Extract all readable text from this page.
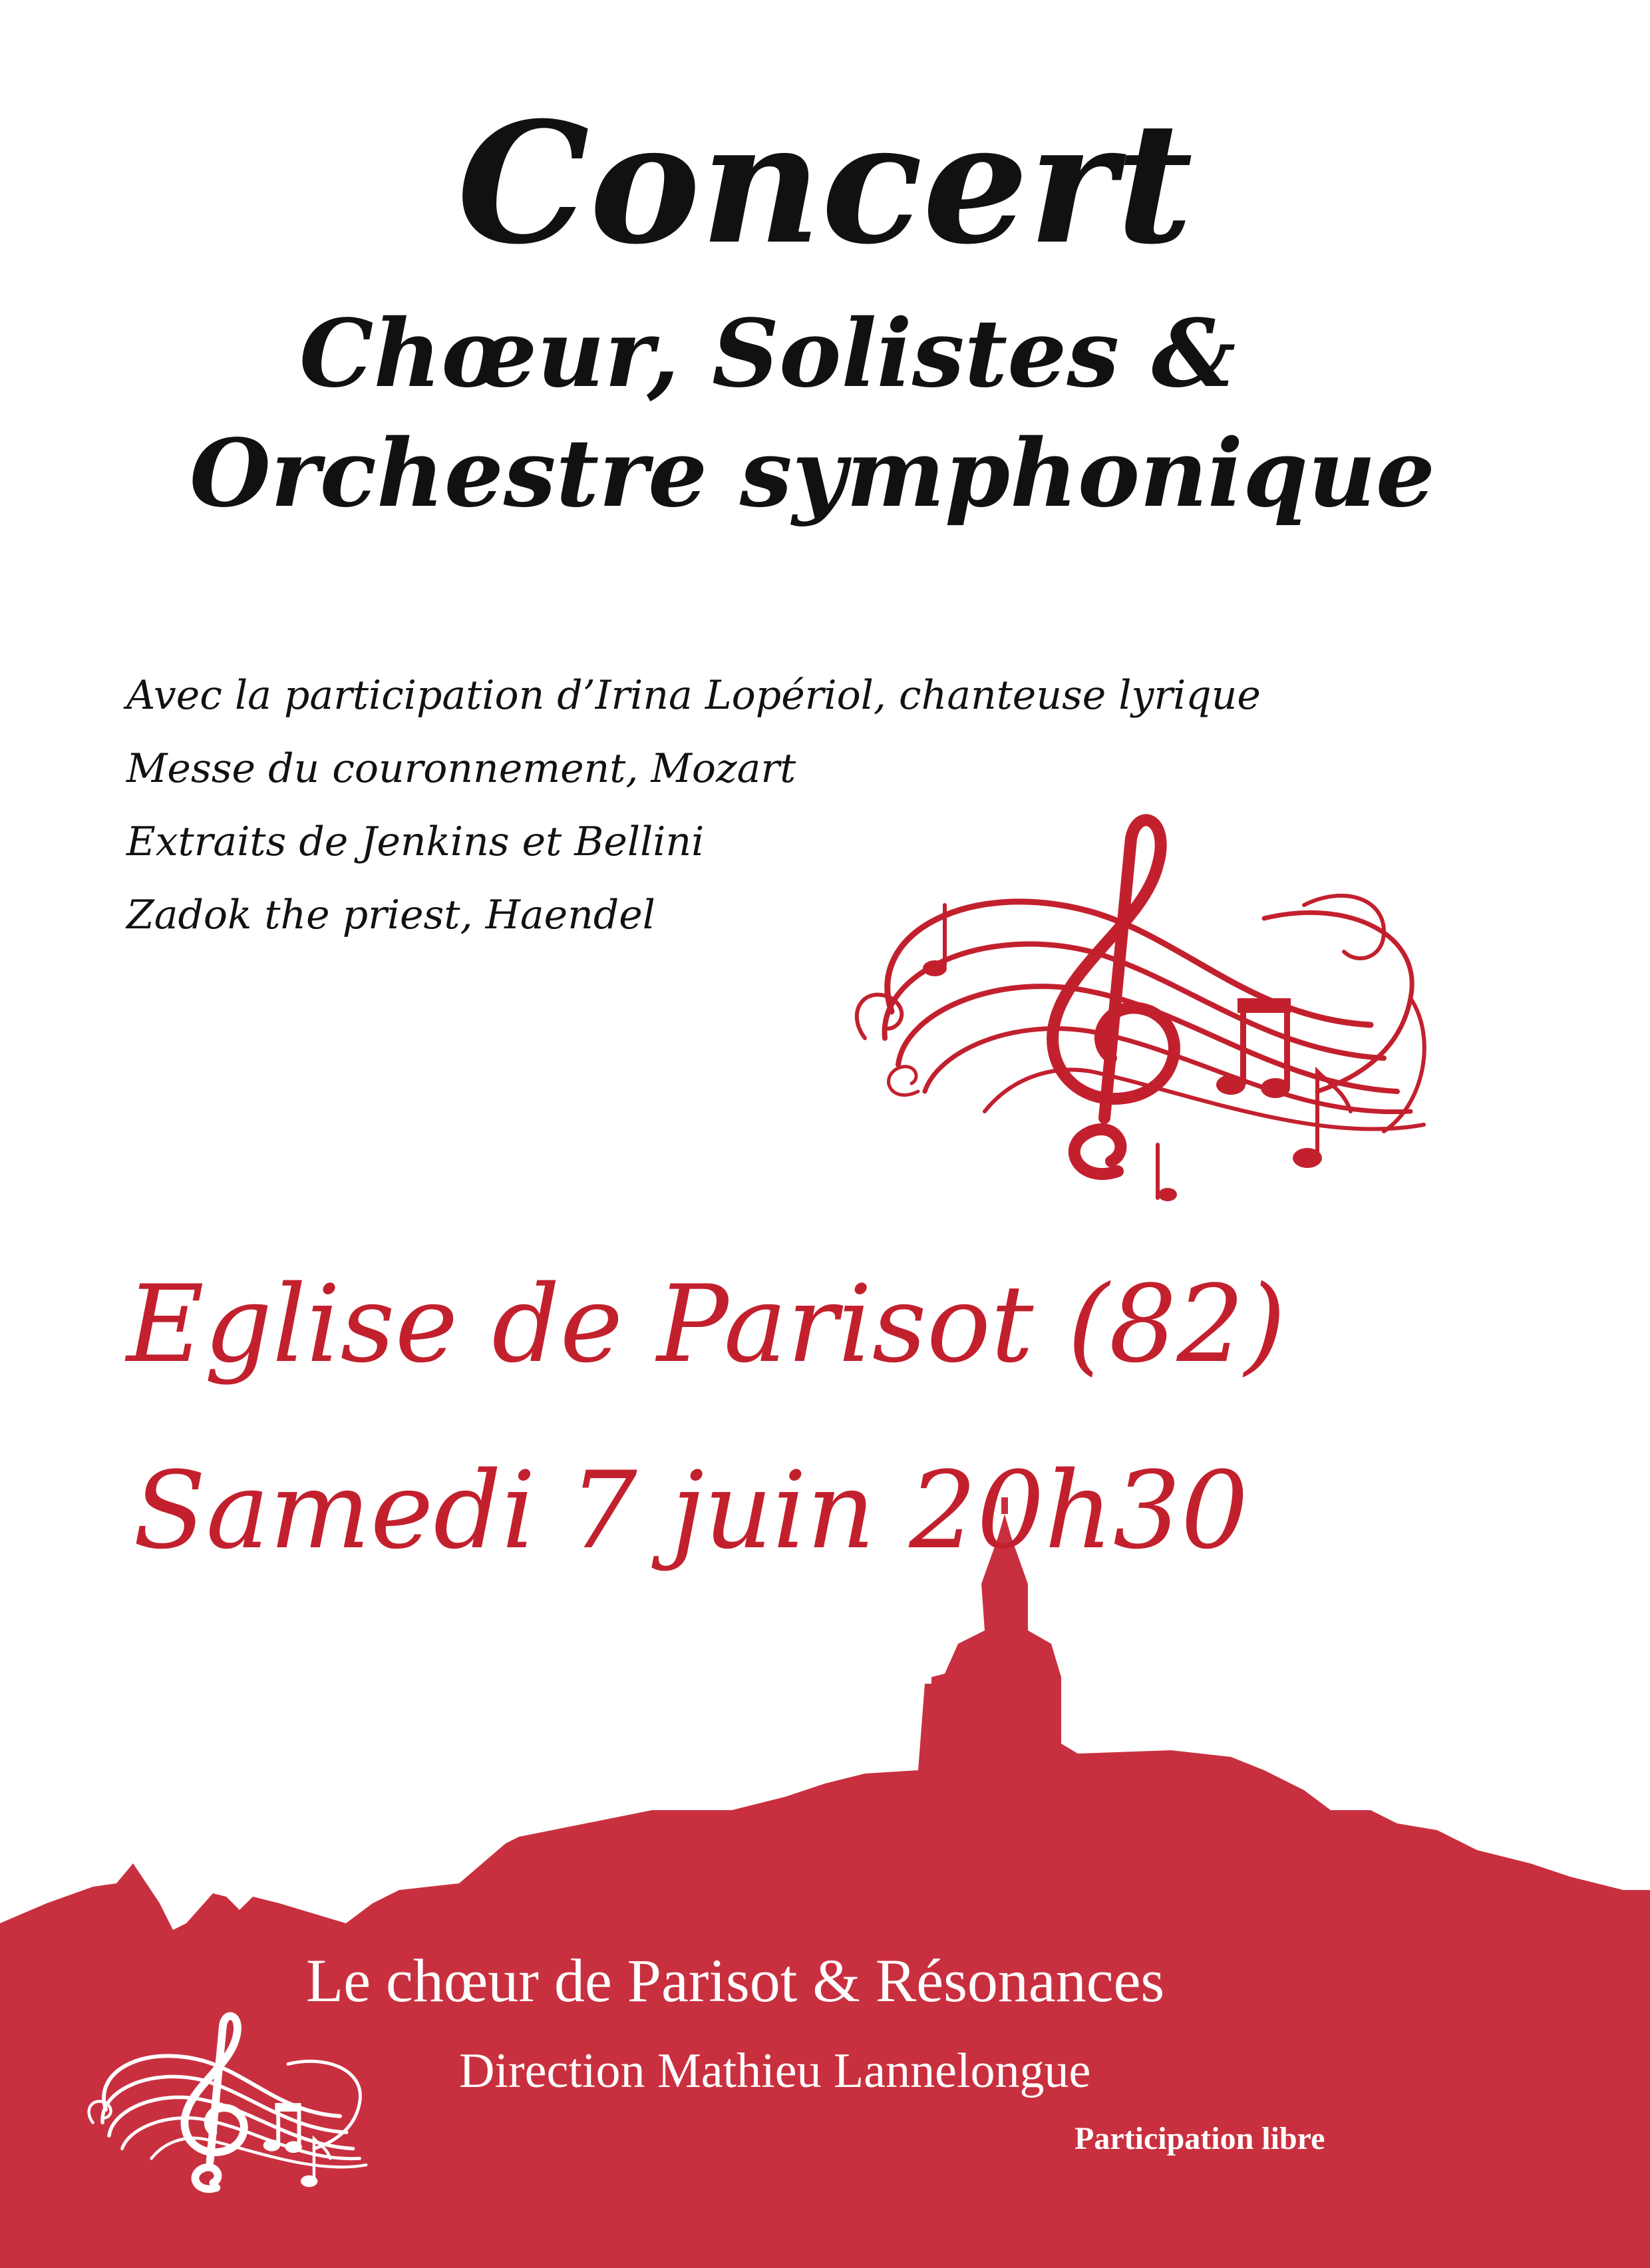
Concert
Chœur, Solistes &
Orchestre symphonique
Avec la participation d’Irina Lopériol, chanteuse lyrique
Messe du couronnement, Mozart
Extraits de Jenkins et Bellini
Zadok the priest, Haendel
Eglise de Parisot (82)
Samedi 7 juin 20h30
Le chœur de Parisot & Résonances
Direction Mathieu Lannelongue
Participation libre
